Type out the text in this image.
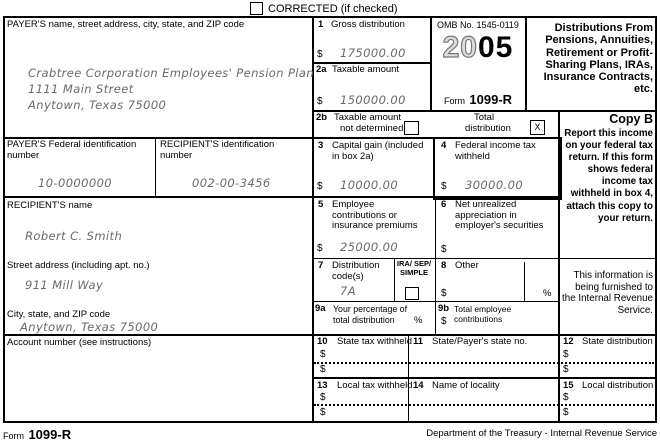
CORRECTED (if checked)
PAYER'S name, street address, city, state, and ZIP code
Crabtree Corporation Employees' Pension Plan
1111 Main Street
Anytown, Texas 75000
1 Gross distribution
$ 175000.00
2a Taxable amount
$ 150000.00
OMB No. 1545-0119
2005
Form 1099-R
Distributions From Pensions, Annuities, Retirement or Profit-Sharing Plans, IRAs, Insurance Contracts, etc.
2b Taxable amount
not determined
Total
distribution	X
Copy B
Report this income on your federal tax return. If this form shows federal income tax withheld in box 4, attach this copy to your return.
This information is being furnished to the Internal Revenue Service.
PAYER'S Federal identification number
10-0000000
RECIPIENT'S identification number
002-00-3456
3 Capital gain (included in box 2a)
$ 10000.00
4 Federal income tax withheld
$ 30000.00
RECIPIENT'S name
Robert C. Smith
5 Employee contributions or insurance premiums
$ 25000.00
6 Net unrealized appreciation in employer's securities
$
Street address (including apt. no.)
911 Mill Way
7 Distribution code(s)
7A
IRA/ SEP/ SIMPLE
8 Other
$	%
City, state, and ZIP code
Anytown, Texas 75000
9a Your percentage of total distribution	%
9b Total employee contributions
$
Account number (see instructions)	10 State tax withheld
$
$
11 State/Payer's state no.	12 State distribution
$
$
13 Local tax withheld
$
$
14 Name of locality	15 Local distribution
$
$
Form 1099-R	Department of the Treasury - Internal Revenue Service
